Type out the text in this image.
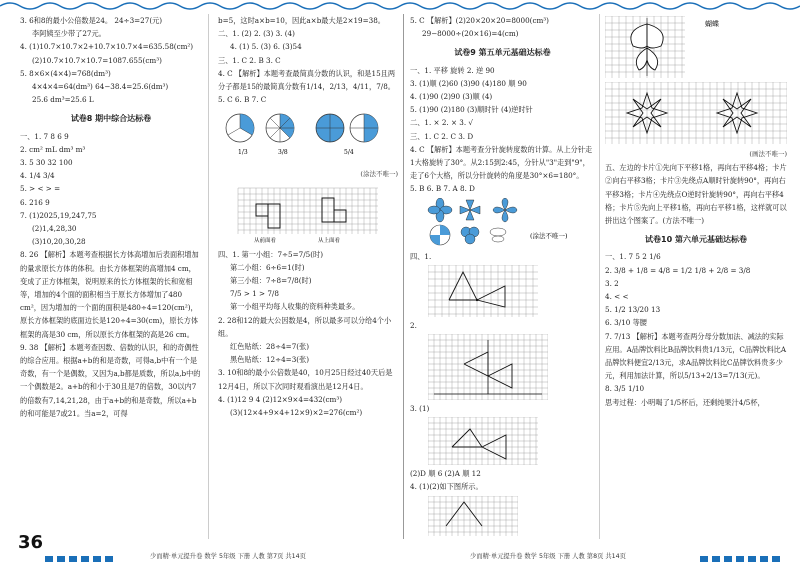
3. 6和8的最小公倍数是24。 24÷3=27(元)
李阿姨至少带了27元。
4. (1)10.7×10.7×2+10.7×10.7×4=635.58(cm²)
(2)10.7×10.7×10.7=1087.655(cm³)
5. 8×6×(4×4)=768(dm³)
4×4×4=64(dm³) 64−38.4=25.6(dm³)
25.6 dm³=25.6 L
试卷8 期中综合达标卷
一、1. 7 8 6 9
2. cm² mL dm³ m³
3. 5 30 32 100
4. 1/4 3/4
5. > < > =
6. 216 9
7. (1)2025,19,247,75
(2)1,4,28,30
(3)10,20,30,28
8. 26 【解析】本题考查根据长方体高增加后表面积增加的量求原长方体的体积。由长方体框架的高增加4 cm，变成了正方体框架，说明原来的长方体框架的长和宽相等，增加的4个面的面积相当于原长方体增加了480 cm²，因为增加的一个面的面积是480÷4=120(cm²)，原长方体框架的底面边长是120÷4=30(cm)，原长方体框架的高是30 cm，所以原长方体框架的高是26 cm。
9. 38 【解析】本题考查因数、倍数的认识，和的奇偶性的综合应用。根据a+b的和是奇数，可得a,b中有一个是奇数，有一个是偶数，又因为a,b都是质数，所以a,b中的一个偶数是2。a+b的和小于30且是7的倍数，30以内7的倍数有7,14,21,28，由于a+b的和是奇数，所以a+b的和可能是7或21。当a=2，可得
b=5，这时a×b=10，因此a×b最大是2×19=38。
二、1. (2) 2. (3) 3. (4)
4. (1) 5. (3) 6. (3)54
三、1. C 2. B 3. C
4. C 【解析】本题考查最简真分数的认识，和是15且两分子都是15的最简真分数有1/14，2/13，4/11，7/8。
5. C 6. B 7. C
1/3	3/8	5/4
(涂法不唯一)
从前面看	从上面看
四、1. 第一小组：7÷5=7/5(时)
第二小组：6÷6=1(时)
第三小组：7÷8=7/8(时)
7/5 > 1 > 7/8
第一小组平均每人收集的资料种类最多。
2. 28和12的最大公因数是4，所以最多可以分给4个小组。
红色贴纸：28÷4=7(张)
黑色贴纸：12÷4=3(张)
3. 10和8的最小公倍数是40，10月25日经过40天后是12月4日，所以下次同时观看演出是12月4日。
4. (1)12 9 4 (2)12×9×4=432(cm³)
(3)(12×4+9×4+12×9)×2=276(cm²)
5. C 【解析】(2)20×20×20=8000(cm³)
29−8000÷(20×16)=4(cm)
试卷9 第五单元基础达标卷
一、1. 平移 旋转 2. 逆 90
3. (1)顺 (2)60 (3)90 (4)180 顺 90
4. (1)90 (2)90 (3)顺 (4)
5. (1)90 (2)180 (3)顺时针 (4)逆时针
二、1. × 2. × 3. √
三、1. C 2. C 3. D
4. C 【解析】本题考查分针旋转度数的计算。从上分针走1大格旋转了30°。从2:15到2:45，分针从"3"走到"9"，走了6个大格，所以分针旋转的角度是30°×6=180°。
5. B 6. B 7. A 8. D
(涂法不唯一)
四、1.
2.
3. (1)
(2)D 顺 6 (2)A 顺 12
4. (1)(2)如下图所示。
蝴蝶
(画法不唯一)
五、左边的卡片①先向下平移1格，再向右平移4格；卡片②向右平移3格；卡片③先绕点A顺时针旋转90°，再向右平移3格；卡片④先绕点O逆时针旋转90°，再向右平移4格；卡片⑤先向上平移1格，再向右平移1格，这样就可以拼出这个图案了。(方法不唯一)
试卷10 第六单元基础达标卷
一、1. 7 5 2 1/6
2. 3/8 + 1/8 = 4/8 = 1/2 1/8 + 2/8 = 3/8
3. 2
4. < <
5. 1/2 13/20 13
6. 3/10 等腰
7. 7/13 【解析】本题考查两分母分数加法、减法的实际应用。A品牌饮料比B品牌饮料贵1/13元，C品牌饮料比A品牌饮料便宜2/13元，求A品牌饮料比C品牌饮料贵多少元，利用加法计算，所以5/13+2/13=7/13(元)。
8. 3/5 1/10
思考过程：小明喝了1/5杯后，还剩纯果汁4/5杯，
36
少而精·单元提升卷 数学 5年级 下册 人教 第7页 共14页	少而精·单元提升卷 数学 5年级 下册 人教 第8页 共14页
